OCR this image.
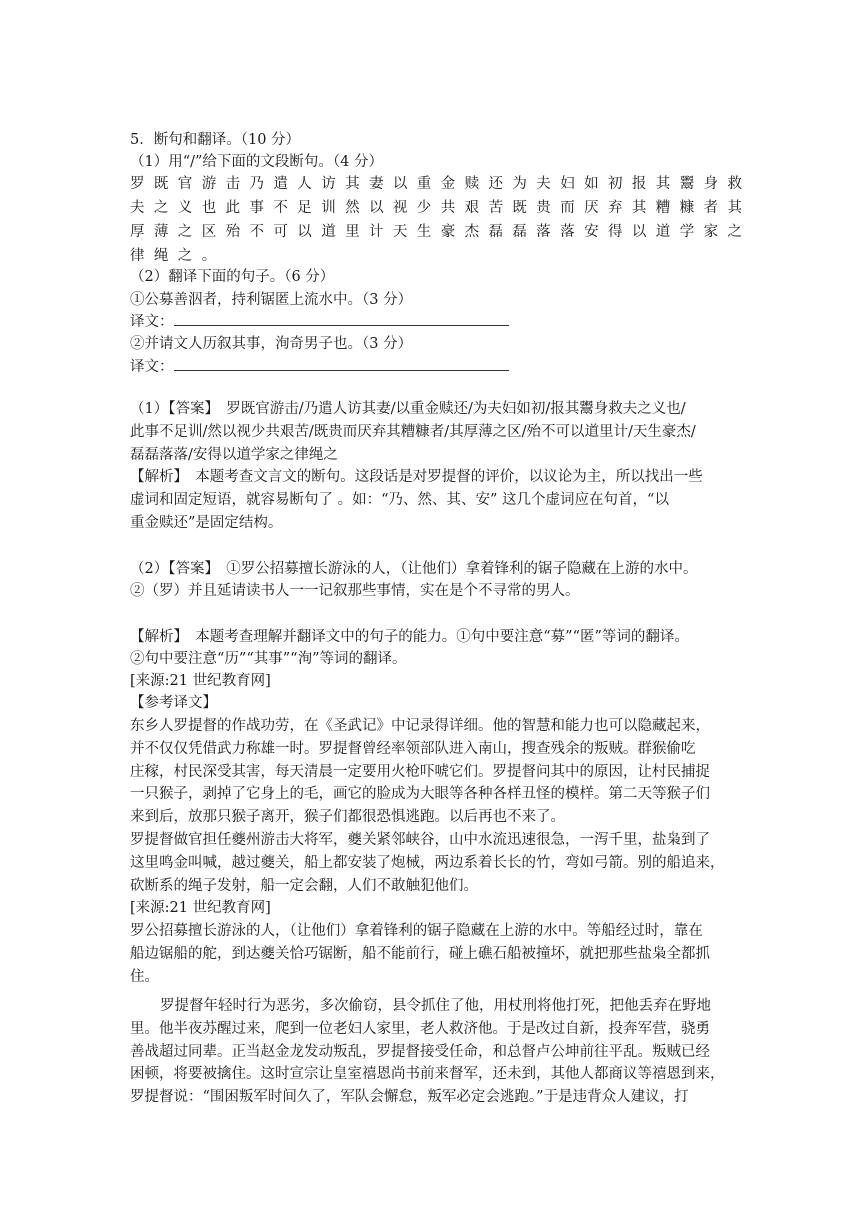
5．断句和翻译。（10 分）
（1）用“/”给下面的文段断句。（4 分）
罗既官游击乃遣人访其妻以重金赎还为夫妇如初报其鬻身救
夫之义也此事不足训然以视少共艰苦既贵而厌弃其糟糠者其
厚薄之区殆不可以道里计天生豪杰磊磊落落安得以道学家之
律绳之。
（2）翻译下面的句子。（6 分）
①公募善泅者，持利锯匿上流水中。（3 分）
译文：
②并请文人历叙其事，洵奇男子也。（3 分）
译文：
（1）【答案】　罗既官游击/乃遣人访其妻/以重金赎还/为夫妇如初/报其鬻身救夫之义也/
此事不足训/然以视少共艰苦/既贵而厌弃其糟糠者/其厚薄之区/殆不可以道里计/天生豪杰/
磊磊落落/安得以道学家之律绳之
【解析】　本题考查文言文的断句。这段话是对罗提督的评价，以议论为主，所以找出一些
虚词和固定短语，就容易断句了 。如：“乃、然、其、安” 这几个虚词应在句首，“以
重金赎还”是固定结构。
（2）【答案】　①罗公招募擅长游泳的人，（让他们）拿着锋利的锯子隐藏在上游的水中。
②（罗）并且延请读书人一一记叙那些事情，实在是个不寻常的男人。
【解析】　本题考查理解并翻译文中的句子的能力。①句中要注意“募”“匿”等词的翻译。
②句中要注意“历”“其事”“洵”等词的翻译。
[来源:21 世纪教育网]
【参考译文】
东乡人罗提督的作战功劳，在《圣武记》中记录得详细。他的智慧和能力也可以隐藏起来，
并不仅仅凭借武力称雄一时。罗提督曾经率领部队进入南山，搜查残余的叛贼。群猴偷吃
庄稼，村民深受其害，每天清晨一定要用火枪吓唬它们。罗提督问其中的原因，让村民捕捉
一只猴子，剥掉了它身上的毛，画它的脸成为大眼等各种各样丑怪的模样。第二天等猴子们
来到后，放那只猴子离开，猴子们都很恐惧逃跑。以后再也不来了。
罗提督做官担任夔州游击大将军，夔关紧邻峡谷，山中水流迅速很急，一泻千里，盐枭到了
这里鸣金叫喊，越过夔关，船上都安装了炮械，两边系着长长的竹，弯如弓箭。别的船追来，
砍断系的绳子发射，船一定会翻，人们不敢触犯他们。
[来源:21 世纪教育网]
罗公招募擅长游泳的人，（让他们）拿着锋利的锯子隐藏在上游的水中。等船经过时，靠在
船边锯船的舵，到达夔关恰巧锯断，船不能前行，碰上礁石船被撞坏，就把那些盐枭全都抓
住。
罗提督年轻时行为恶劣，多次偷窃，县令抓住了他，用杖刑将他打死，把他丢弃在野地
里。他半夜苏醒过来，爬到一位老妇人家里，老人救济他。于是改过自新，投奔军营，骁勇
善战超过同辈。正当赵金龙发动叛乱，罗提督接受任命，和总督卢公坤前往平乱。叛贼已经
困顿，将要被擒住。这时宣宗让皇室禧恩尚书前来督军，还未到，其他人都商议等禧恩到来，
罗提督说：“围困叛军时间久了，军队会懈怠，叛军必定会逃跑。”于是违背众人建议，打
